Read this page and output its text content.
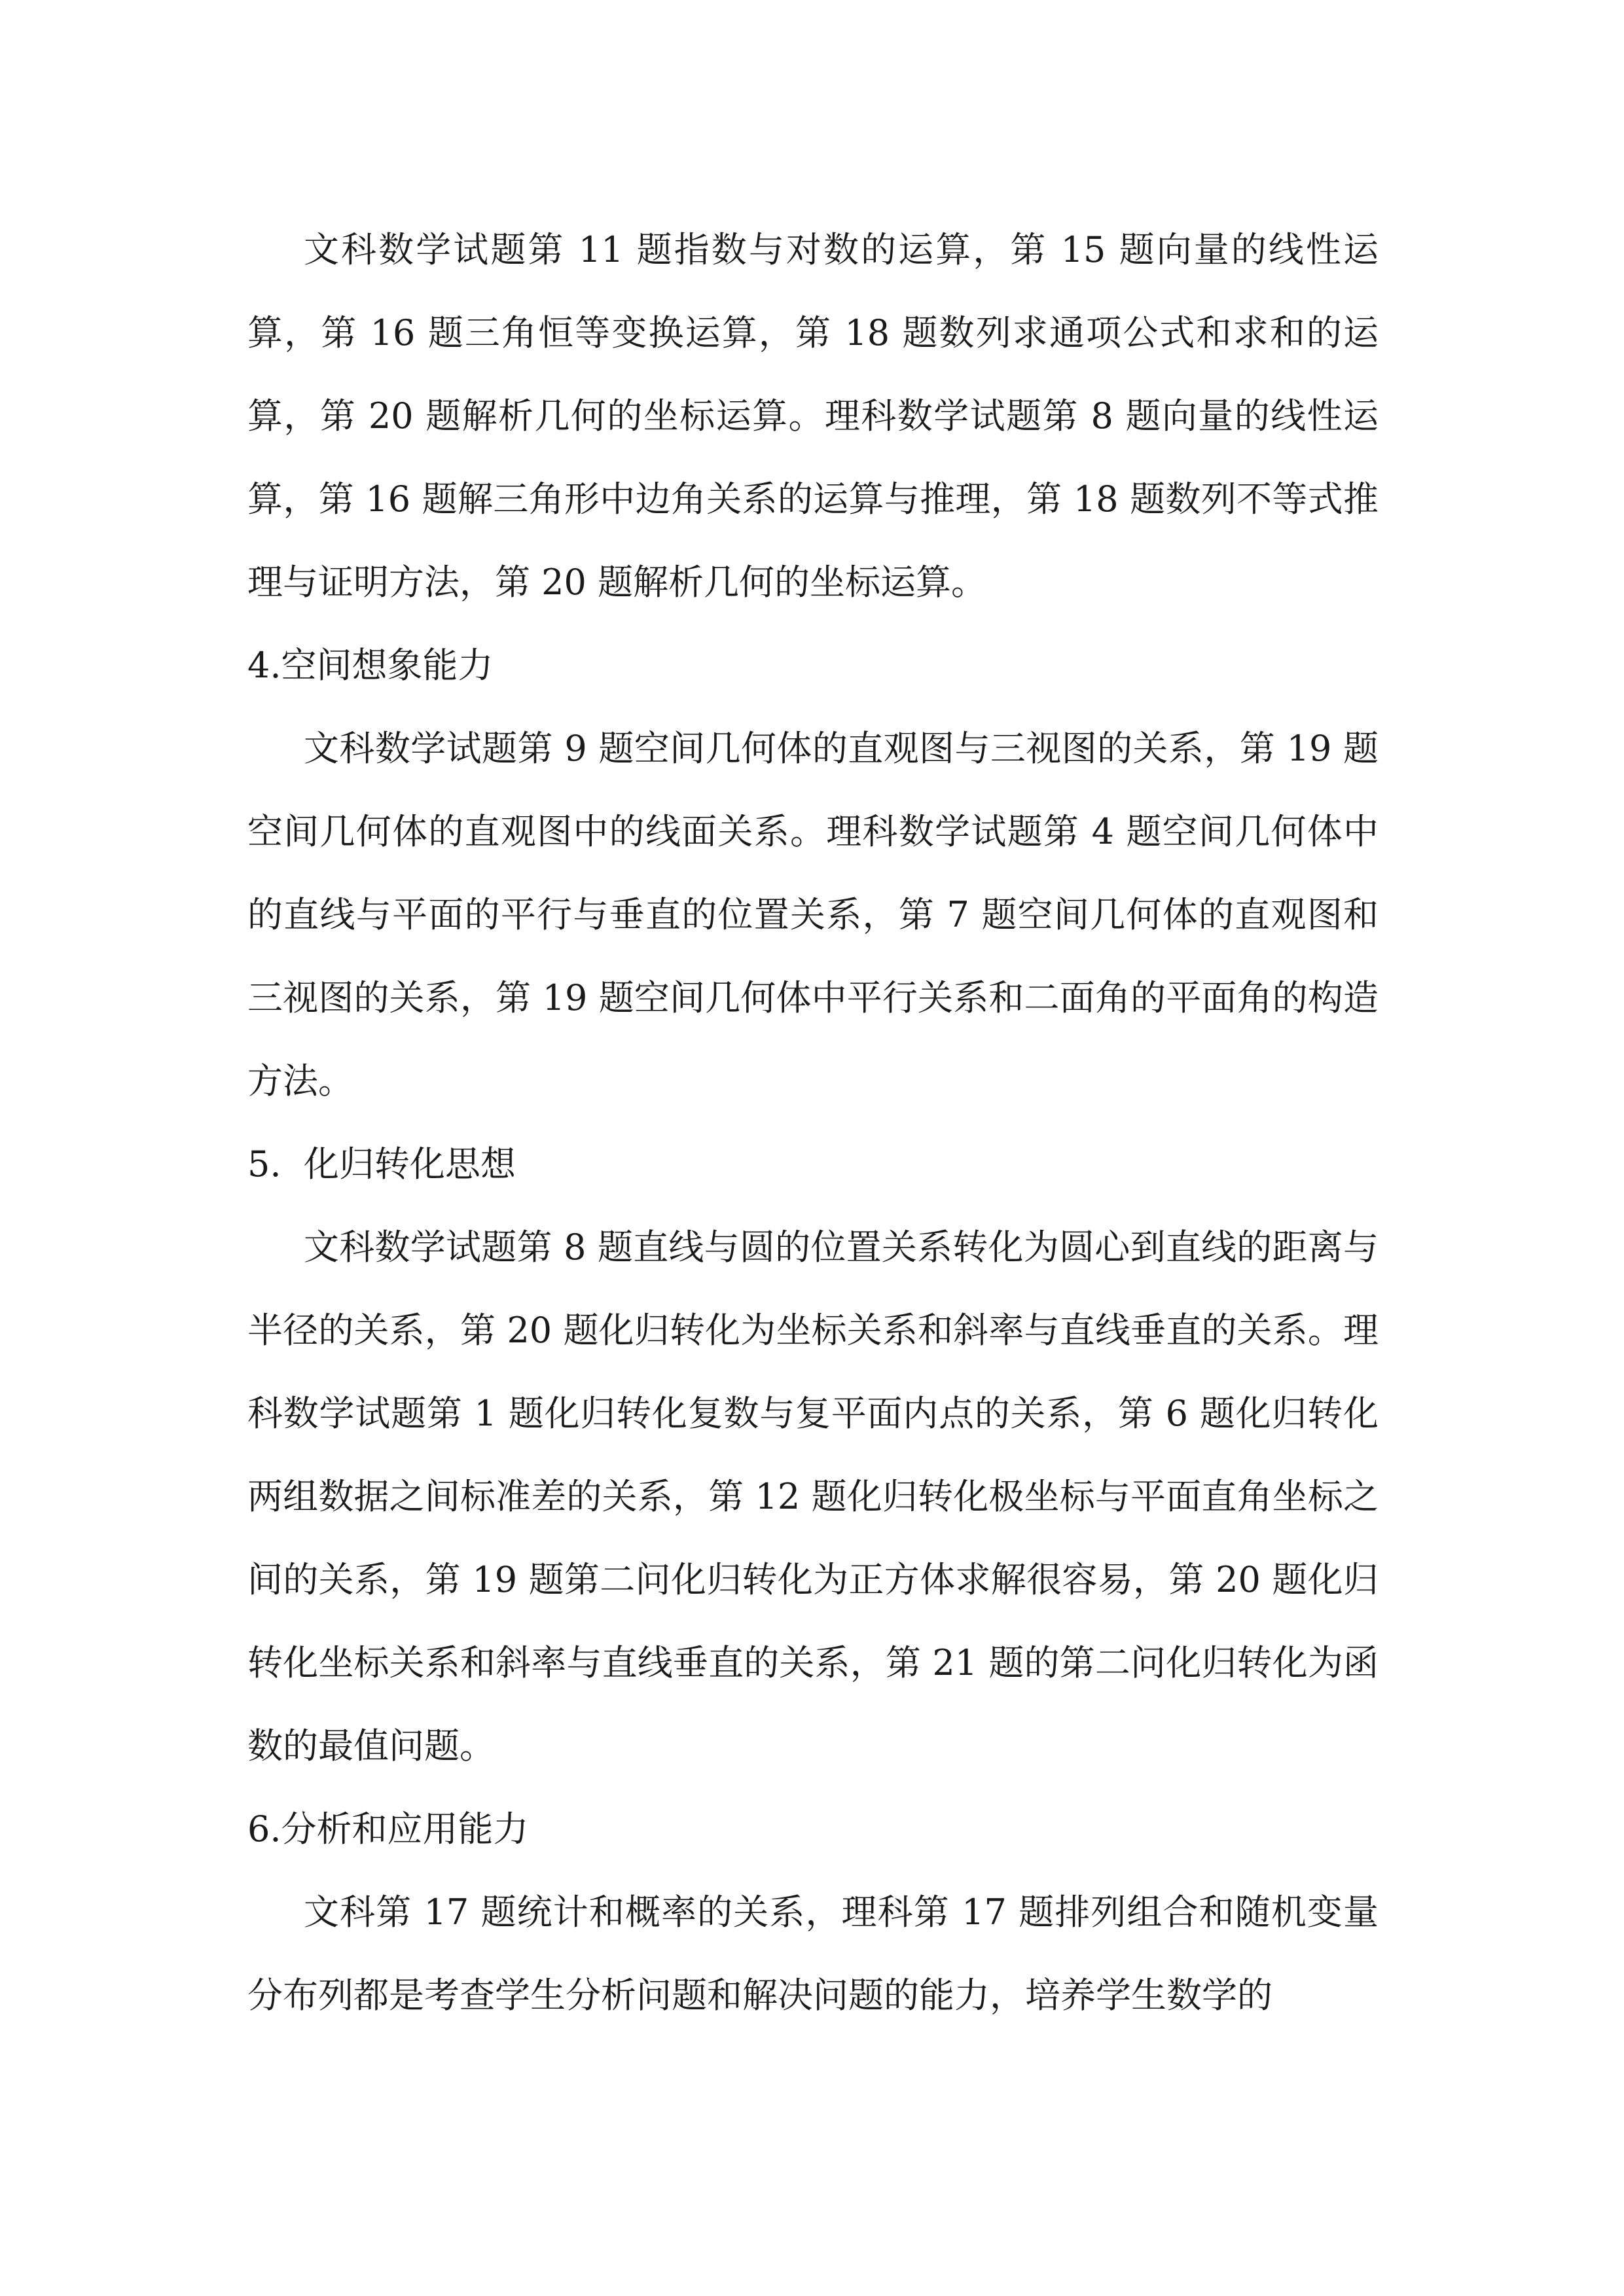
文科数学试题第 11 题指数与对数的运算，第 15 题向量的线性运算，第 16 题三角恒等变换运算，第 18 题数列求通项公式和求和的运算，第 20 题解析几何的坐标运算。理科数学试题第 8 题向量的线性运算，第 16 题解三角形中边角关系的运算与推理，第 18 题数列不等式推理与证明方法，第 20 题解析几何的坐标运算。

4.空间想象能力

文科数学试题第 9 题空间几何体的直观图与三视图的关系，第 19 题空间几何体的直观图中的线面关系。理科数学试题第 4 题空间几何体中的直线与平面的平行与垂直的位置关系，第 7 题空间几何体的直观图和三视图的关系，第 19 题空间几何体中平行关系和二面角的平面角的构造方法。

5.  化归转化思想

文科数学试题第 8 题直线与圆的位置关系转化为圆心到直线的距离与半径的关系，第 20 题化归转化为坐标关系和斜率与直线垂直的关系。理科数学试题第 1 题化归转化复数与复平面内点的关系，第 6 题化归转化两组数据之间标准差的关系，第 12 题化归转化极坐标与平面直角坐标之间的关系，第 19 题第二问化归转化为正方体求解很容易，第 20 题化归转化坐标关系和斜率与直线垂直的关系，第 21 题的第二问化归转化为函数的最值问题。

6.分析和应用能力

文科第 17 题统计和概率的关系，理科第 17 题排列组合和随机变量分布列都是考查学生分析问题和解决问题的能力，培养学生数学的
